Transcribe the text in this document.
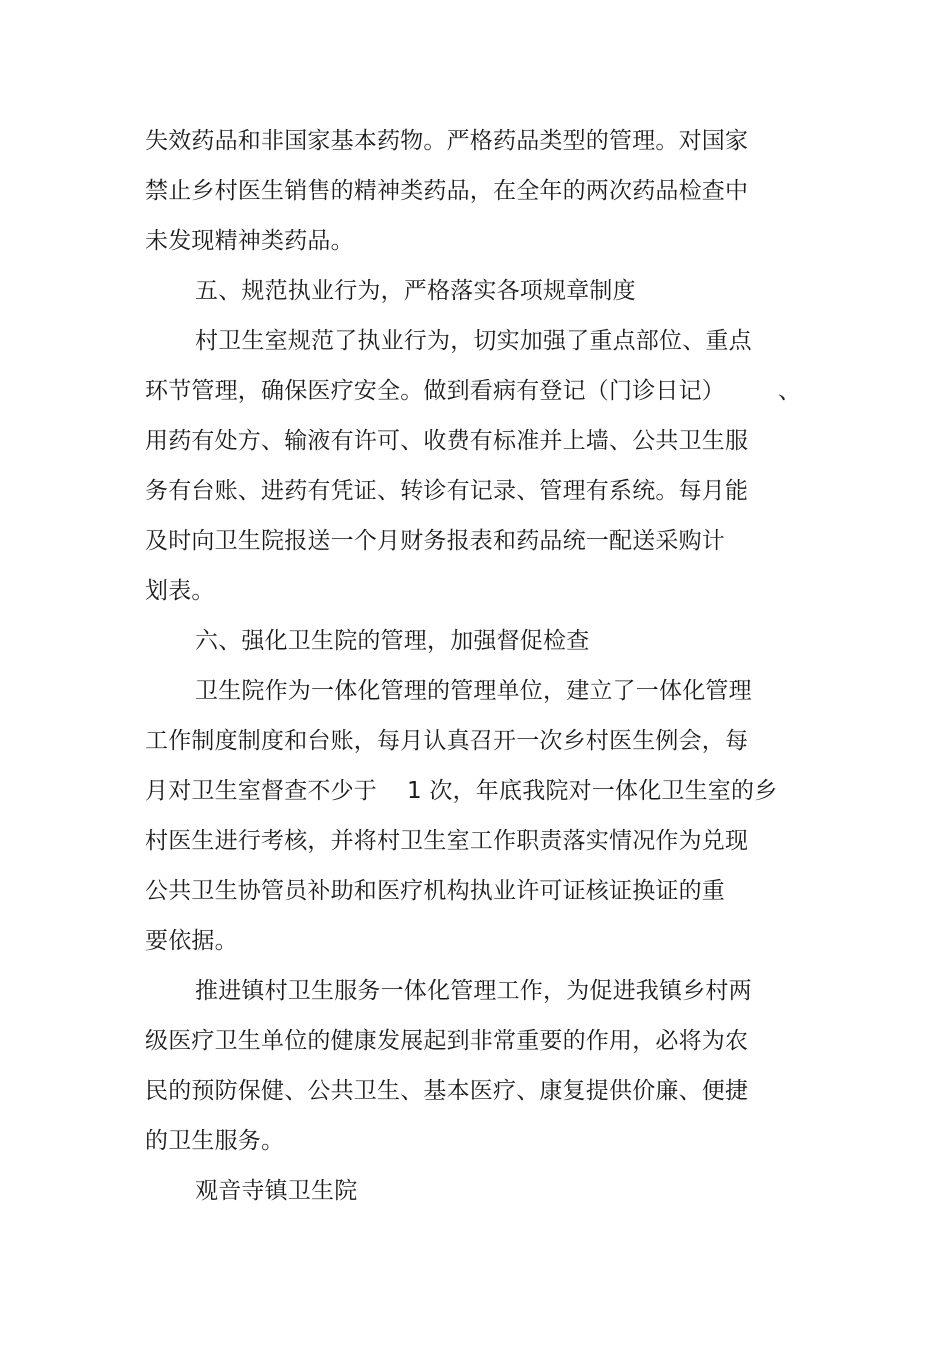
失效药品和非国家基本药物。严格药品类型的管理。对国家
禁止乡村医生销售的精神类药品，在全年的两次药品检查中
未发现精神类药品。
五、规范执业行为，严格落实各项规章制度
村卫生室规范了执业行为，切实加强了重点部位、重点
环节管理，确保医疗安全。做到看病有登记（门诊日记） 、
用药有处方、输液有许可、收费有标准并上墙、公共卫生服
务有台账、进药有凭证、转诊有记录、管理有系统。每月能
及时向卫生院报送一个月财务报表和药品统一配送采购计
划表。
六、强化卫生院的管理，加强督促检查
卫生院作为一体化管理的管理单位，建立了一体化管理
工作制度制度和台账，每月认真召开一次乡村医生例会，每
月对卫生室督查不少于    1 次，年底我院对一体化卫生室的乡
村医生进行考核，并将村卫生室工作职责落实情况作为兑现
公共卫生协管员补助和医疗机构执业许可证核证换证的重
要依据。
推进镇村卫生服务一体化管理工作，为促进我镇乡村两
级医疗卫生单位的健康发展起到非常重要的作用，必将为农
民的预防保健、公共卫生、基本医疗、康复提供价廉、便捷
的卫生服务。
观音寺镇卫生院
